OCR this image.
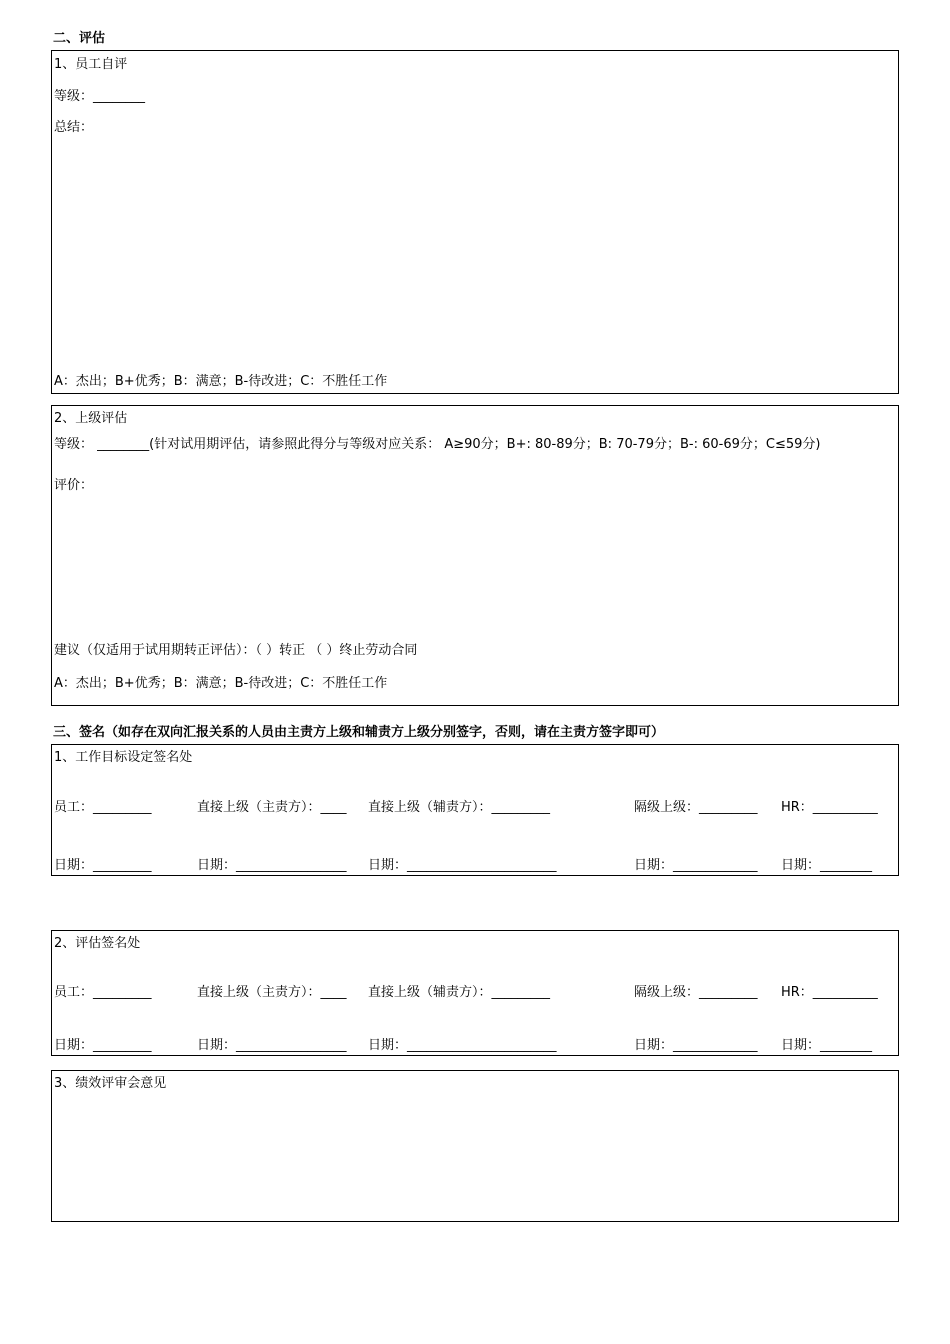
二、评估
1、员工自评
等级：________
总结：
A：杰出；B+优秀；B：满意；B-待改进；C：不胜任工作
2、上级评估
等级： ________(针对试用期评估，请参照此得分与等级对应关系： A≥90分；B+: 80-89分；B: 70-79分；B-: 60-69分；C≤59分)
评价：
建议（仅适用于试用期转正评估）：（ ）转正 （ ）终止劳动合同
A：杰出；B+优秀；B：满意；B-待改进；C：不胜任工作
三、签名（如存在双向汇报关系的人员由主责方上级和辅责方上级分别签字，否则，请在主责方签字即可）
1、工作目标设定签名处
员工：_________	直接上级（主责方）：____ 直接上级（辅责方）：_________	隔级上级：_________ HR：__________
日期：_________	日期：_________________ 日期：_______________________	日期：_____________ 日期：________
2、评估签名处
员工：_________	直接上级（主责方）：____ 直接上级（辅责方）：_________	隔级上级：_________ HR：__________
日期：_________	日期：_________________ 日期：_______________________	日期：_____________ 日期：________
3、绩效评审会意见
